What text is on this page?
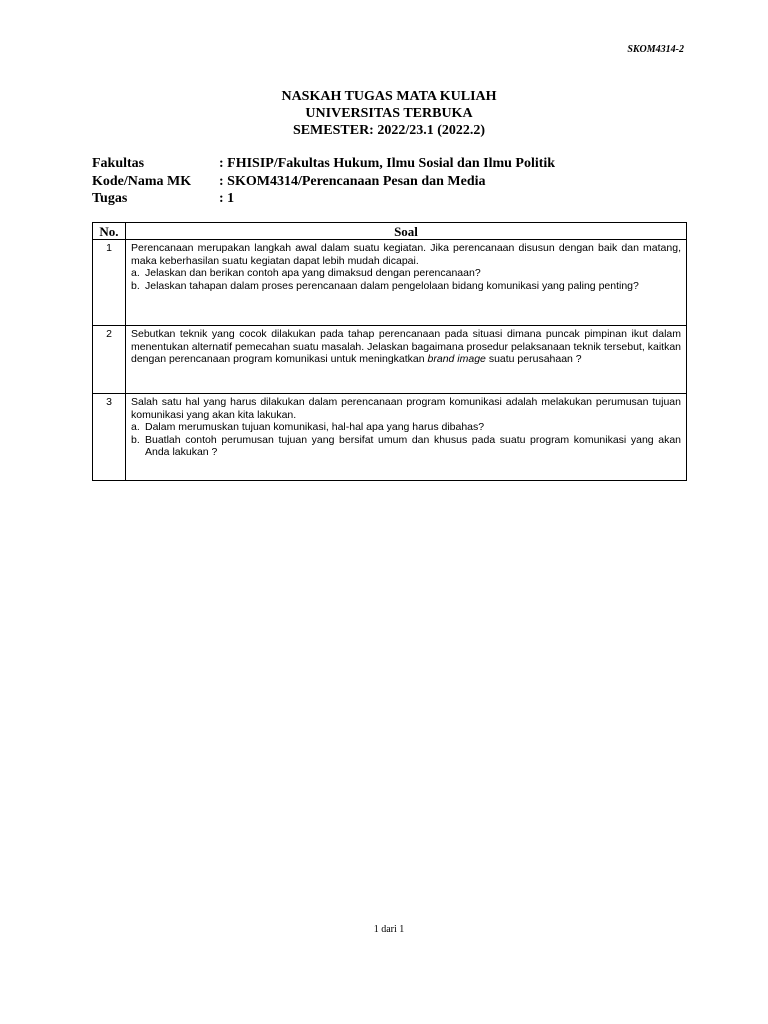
SKOM4314-2
NASKAH TUGAS MATA KULIAH
UNIVERSITAS TERBUKA
SEMESTER: 2022/23.1 (2022.2)
Fakultas	: FHISIP/Fakultas Hukum, Ilmu Sosial dan Ilmu Politik
Kode/Nama MK	: SKOM4314/Perencanaan Pesan dan Media
Tugas	: 1
No.	Soal
1	Perencanaan merupakan langkah awal dalam suatu kegiatan. Jika perencanaan disusun dengan baik dan matang, maka keberhasilan suatu kegiatan dapat lebih mudah dicapai.
a. Jelaskan dan berikan contoh apa yang dimaksud dengan perencanaan?
b. Jelaskan tahapan dalam proses perencanaan dalam pengelolaan bidang komunikasi yang paling penting?

2	Sebutkan teknik yang cocok dilakukan pada tahap perencanaan pada situasi dimana puncak pimpinan ikut dalam menentukan alternatif pemecahan suatu masalah. Jelaskan bagaimana prosedur pelaksanaan teknik tersebut, kaitkan dengan perencanaan program komunikasi untuk meningkatkan brand image suatu perusahaan ?

3	Salah satu hal yang harus dilakukan dalam perencanaan program komunikasi adalah melakukan perumusan tujuan komunikasi yang akan kita lakukan.
a. Dalam merumuskan tujuan komunikasi, hal-hal apa yang harus dibahas?
b. Buatlah contoh perumusan tujuan yang bersifat umum dan khusus pada suatu program komunikasi yang akan Anda lakukan ?
1 dari 1
